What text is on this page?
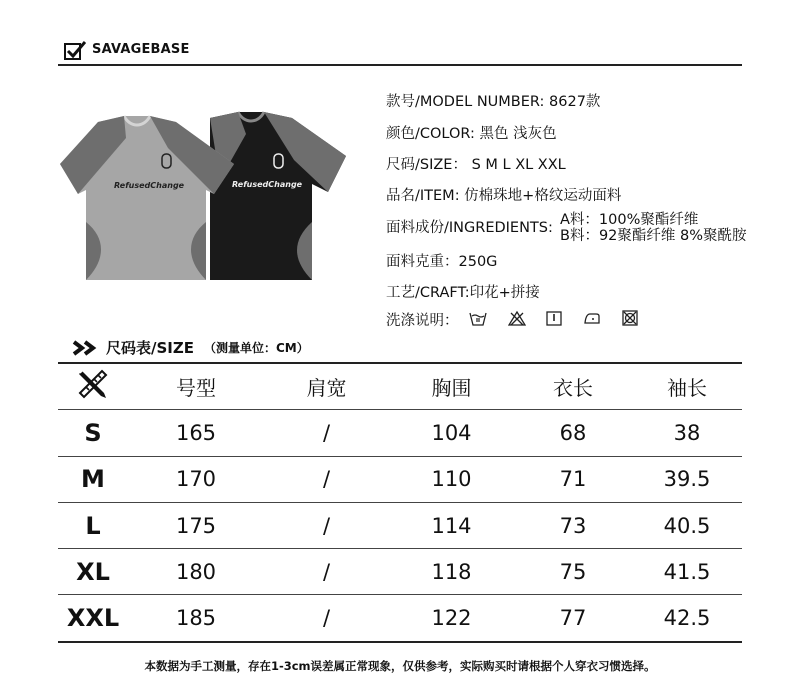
SAVAGEBASE
RefusedChange
RefusedChange
款号/MODEL NUMBER: 8627款
颜色/COLOR: 黑色 浅灰色
尺码/SIZE： S M L XL XXL
品名/ITEM: 仿棉珠地+格纹运动面料
面料成份/INGREDIENTS: A料：100%聚酯纤维
B料：92聚酯纤维 8%聚酰胺
面料克重：250G
工艺/CRAFT:印花+拼接
洗涤说明：
尺码表/SIZE （测量单位：CM）
	号型	肩宽	胸围	衣长	袖长
S	165	/	104	68	38
M	170	/	110	71	39.5
L	175	/	114	73	40.5
XL	180	/	118	75	41.5
XXL	185	/	122	77	42.5
本数据为手工测量，存在1-3cm误差属正常现象，仅供参考，实际购买时请根据个人穿衣习惯选择。
